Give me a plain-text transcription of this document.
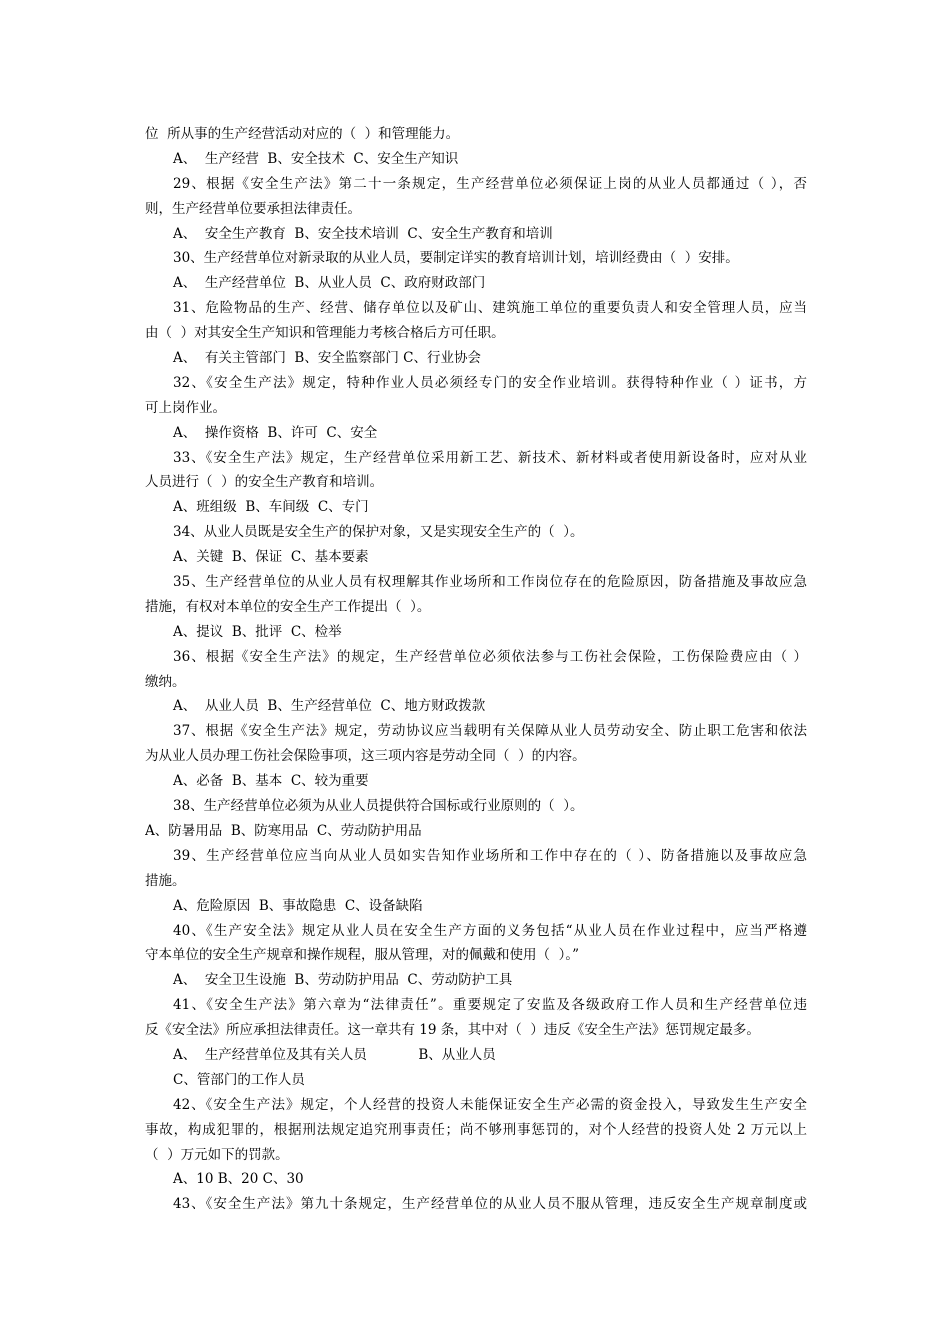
位  所从事的生产经营活动对应的（  ）和管理能力。
A、  生产经营  B、安全技术  C、安全生产知识
29、根据《安全生产法》第二十一条规定，生产经营单位必须保证上岗的从业人员都通过（ ），否
则，生产经营单位要承担法律责任。
A、  安全生产教育  B、安全技术培训  C、安全生产教育和培训
30、生产经营单位对新录取的从业人员，要制定详实的教育培训计划，培训经费由（  ）安排。
A、  生产经营单位  B、从业人员  C、政府财政部门
31、危险物品的生产、经营、储存单位以及矿山、建筑施工单位的重要负责人和安全管理人员，应当
由（  ）对其安全生产知识和管理能力考核合格后方可任职。
A、  有关主管部门  B、安全监察部门 C、行业协会
32、《安全生产法》规定，特种作业人员必须经专门的安全作业培训。获得特种作业（ ）证书，方
可上岗作业。
A、  操作资格  B、许可  C、安全
33、《安全生产法》规定，生产经营单位采用新工艺、新技术、新材料或者使用新设备时，应对从业
人员进行（  ）的安全生产教育和培训。
A、班组级  B、车间级  C、专门
34、从业人员既是安全生产的保护对象，又是实现安全生产的（  ）。
A、关键  B、保证  C、基本要素
35、生产经营单位的从业人员有权理解其作业场所和工作岗位存在的危险原因，防备措施及事故应急
措施，有权对本单位的安全生产工作提出（  ）。
A、提议  B、批评  C、检举
36、根据《安全生产法》的规定，生产经营单位必须依法参与工伤社会保险，工伤保险费应由（ ）
缴纳。
A、  从业人员  B、生产经营单位  C、地方财政拨款
37、根据《安全生产法》规定，劳动协议应当载明有关保障从业人员劳动安全、防止职工危害和依法
为从业人员办理工伤社会保险事项，这三项内容是劳动全同（  ）的内容。
A、必备  B、基本  C、较为重要
38、生产经营单位必须为从业人员提供符合国标或行业原则的（  ）。
A、防暑用品  B、防寒用品  C、劳动防护用品
39、生产经营单位应当向从业人员如实告知作业场所和工作中存在的（ ）、防备措施以及事故应急
措施。
A、危险原因  B、事故隐患  C、设备缺陷
40、《生产安全法》规定从业人员在安全生产方面的义务包括“从业人员在作业过程中，应当严格遵
守本单位的安全生产规章和操作规程，服从管理，对的佩戴和使用（  ）。”
A、  安全卫生设施  B、劳动防护用品  C、劳动防护工具
41、《安全生产法》第六章为“法律责任”。重要规定了安监及各级政府工作人员和生产经营单位违
反《安全法》所应承担法律责任。这一章共有 19 条，其中对（  ）违反《安全生产法》惩罚规定最多。
A、  生产经营单位及其有关人员            B、从业人员
C、管部门的工作人员
42、《安全生产法》规定，个人经营的投资人未能保证安全生产必需的资金投入，导致发生生产安全
事故，构成犯罪的，根据刑法规定追究刑事责任；尚不够刑事惩罚的，对个人经营的投资人处 2 万元以上
（  ）万元如下的罚款。
A、10 B、20 C、30
43、《安全生产法》第九十条规定，生产经营单位的从业人员不服从管理，违反安全生产规章制度或
